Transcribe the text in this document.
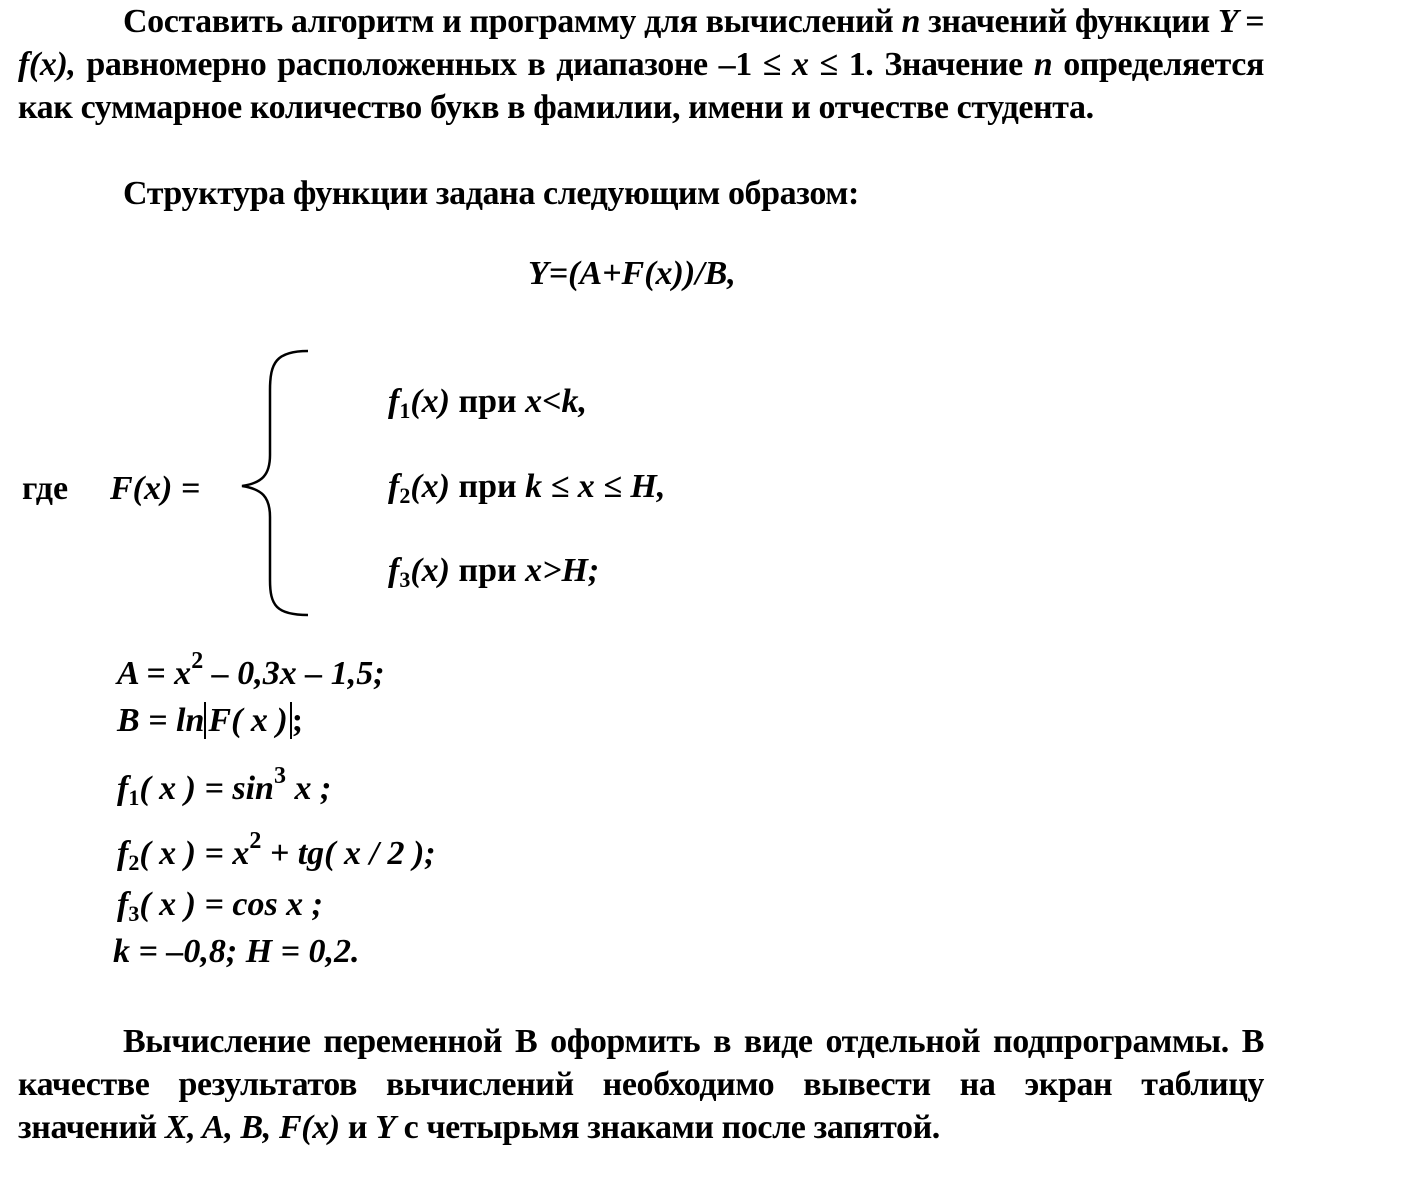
Составить алгоритм и программу для вычислений n значений функции Y = f(x), равномерно расположенных в диапазоне –1 ≤ x ≤ 1. Значение n определяется как суммарное количество букв в фамилии, имени и отчестве студента.
Структура функции задана следующим образом:
Y=(A+F(x))/B,
где F(x) =
$f_1(x)$ при x<k,
$f_2(x)$ при k ≤ x ≤ H,
$f_3(x)$ при x>H;
$A = x^2 - 0,3x - 1,5$;
B = ln F( x ) ;
$f_1$( x ) = $\sin^3 x$ ;
$f_2$( x ) = $x^2 + tg$( x / 2 );
$f_3$( x ) = cos x ;
k = –0,8; H = 0,2.
Вычисление переменной В оформить в виде отдельной подпрограммы. В качестве результатов вычислений необходимо вывести на экран таблицу значений X, A, B, F(x) и Y с четырьмя знаками после запятой.
